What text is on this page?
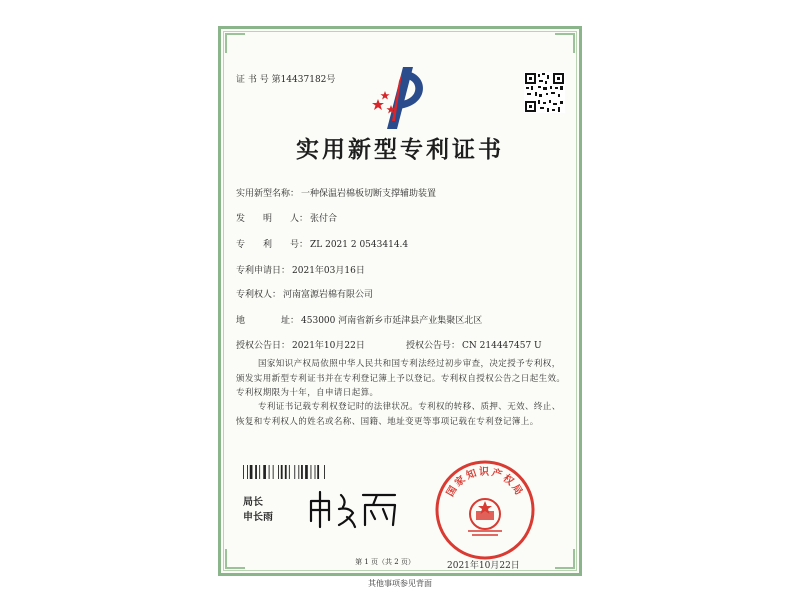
证 书 号 第14437182号
实用新型专利证书
实用新型名称： 一种保温岩棉板切断支撑辅助装置
发　　明　　人： 张付合
专　　利　　号： ZL 2021 2 0543414.4
专利申请日： 2021年03月16日
专利权人： 河南富源岩棉有限公司
地　　　　址： 453000 河南省新乡市延津县产业集聚区北区
授权公告日： 2021年10月22日	授权公告号： CN 214447457 U
国家知识产权局依照中华人民共和国专利法经过初步审查，决定授予专利权，颁发实用新型专利证书并在专利登记簿上予以登记。专利权自授权公告之日起生效。专利权期限为十年，自申请日起算。
专利证书记载专利权登记时的法律状况。专利权的转移、质押、无效、终止、恢复和专利权人的姓名或名称、国籍、地址变更等事项记载在专利登记簿上。
局长
申长雨
国家知识产权局
2021年10月22日
第 1 页（共 2 页）
其他事项参见背面
